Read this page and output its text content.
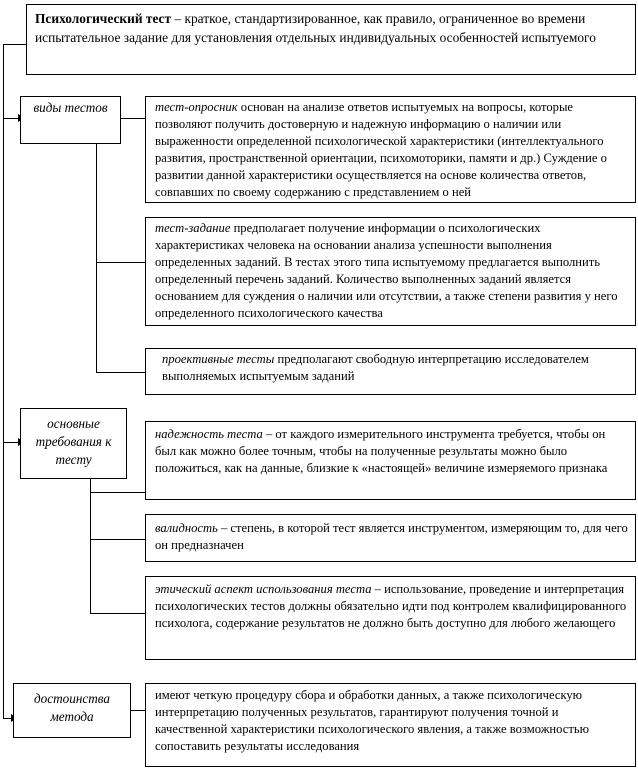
Психологический тест – краткое, стандартизированное, как правило, ограниченное во времени испытательное задание для установления отдельных индивидуальных особенностей испытуемого
виды тестов	тест-опросник основан на анализе ответов испытуемых на вопросы, которые позволяют получить достоверную и надежную информацию о наличии или выраженности определенной психологической характеристики (интеллектуального развития, пространственной ориентации, психомоторики, памяти и др.) Суждение о развитии данной характеристики осуществляется на основе количества ответов, совпавших по своему содержанию с представлением о ней
тест-задание предполагает получение информации о психологических характеристиках человека на основании анализа успешности выполнения определенных заданий. В тестах этого типа испытуемому предлагается выполнить определенный перечень заданий. Количество выполненных заданий является основанием для суждения о наличии или отсутствии, а также степени развития у него определенного психологического качества
проективные тесты предполагают свободную интерпретацию исследователем выполняемых испытуемым заданий
основные требования к тесту
надежность теста – от каждого измерительного инструмента требуется, чтобы он был как можно более точным, чтобы на полученные результаты можно было положиться, как на данные, близкие к «настоящей» величине измеряемого признака
валидность – степень, в которой тест является инструментом, измеряющим то, для чего он предназначен
этический аспект использования теста – использование, проведение и интерпретация психологических тестов должны обязательно идти под контролем квалифицированного психолога, содержание результатов не должно быть доступно для любого желающего
достоинства метода
имеют четкую процедуру сбора и обработки данных, а также психологическую интерпретацию полученных результатов, гарантируют получения точной и качественной характеристики психологического явления, а также возможностью сопоставить результаты исследования
